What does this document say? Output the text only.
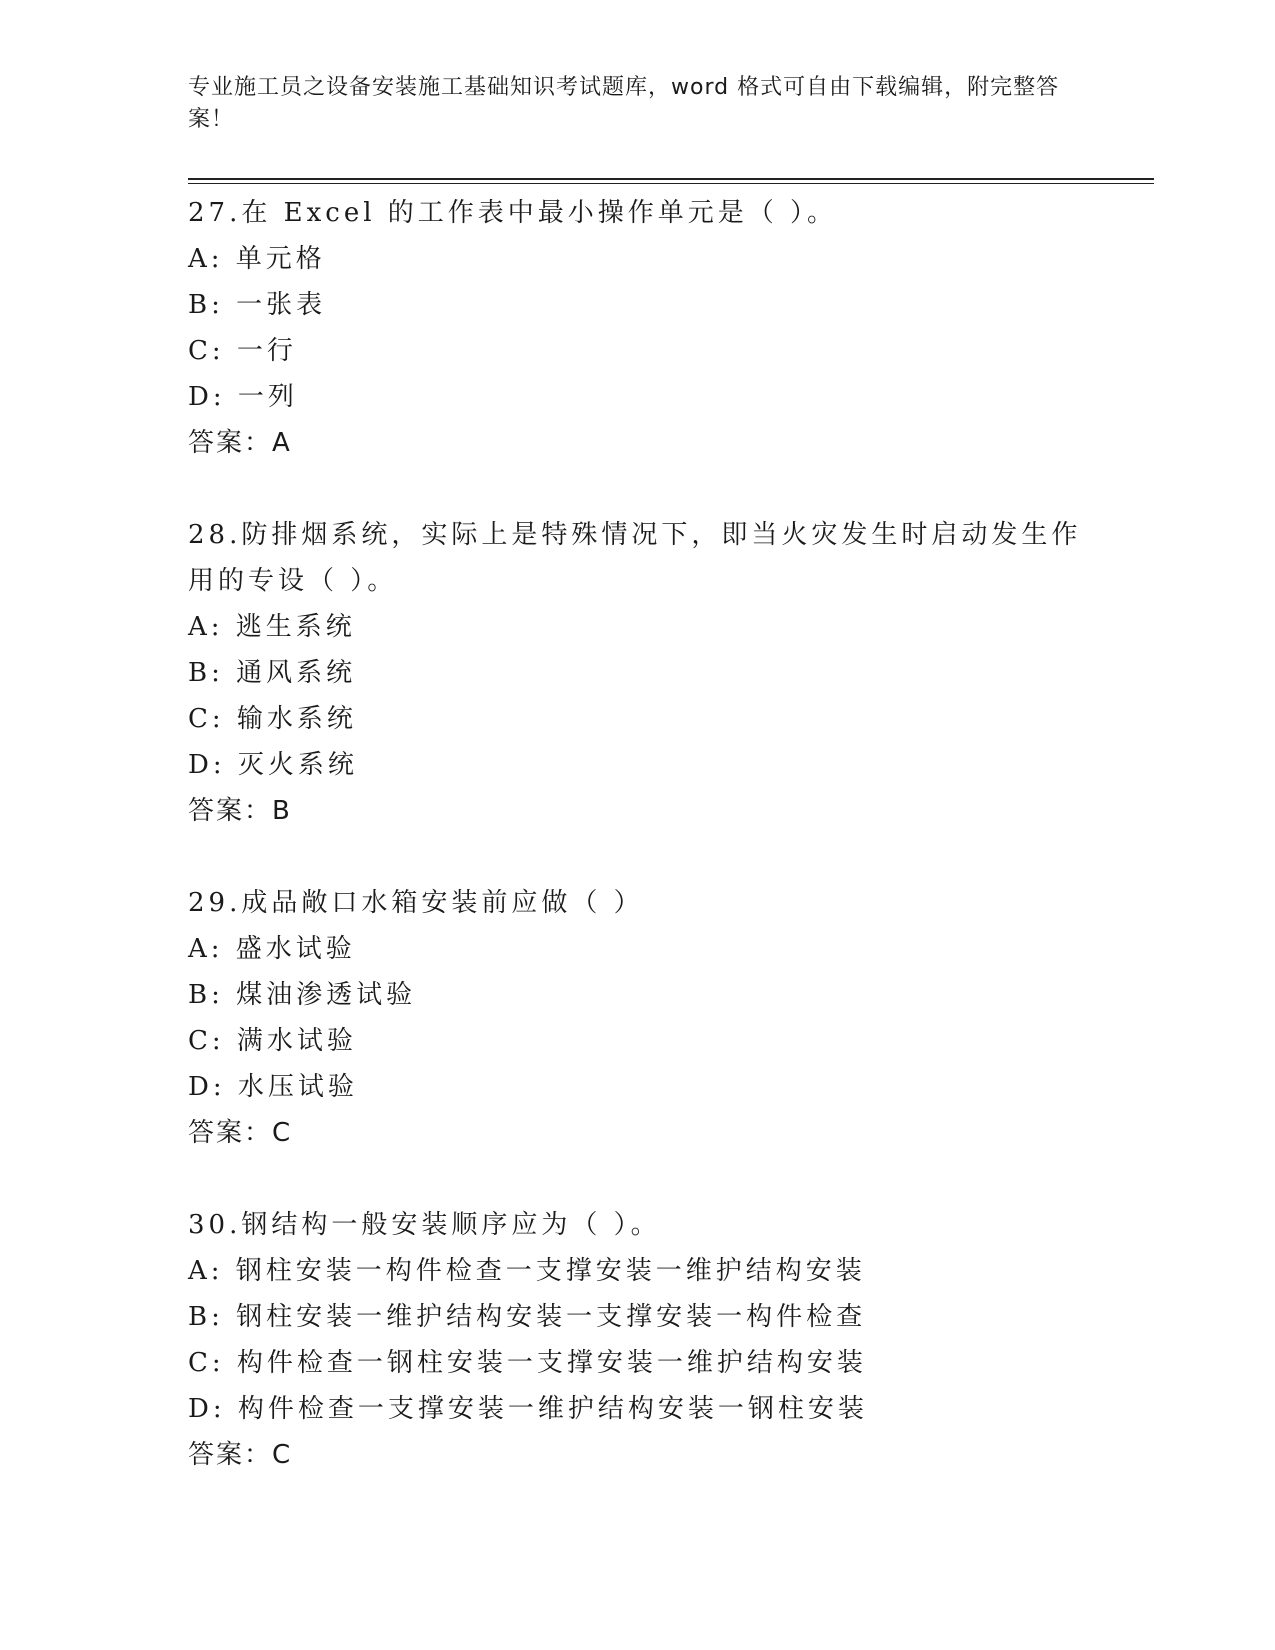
专业施工员之设备安装施工基础知识考试题库，word 格式可自由下载编辑，附完整答案！
27.在 Excel 的工作表中最小操作单元是（ ）。
A: 单元格
B: 一张表
C: 一行
D: 一列
答案：A
28.防排烟系统，实际上是特殊情况下，即当火灾发生时启动发生作用的专设（ ）。
A: 逃生系统
B: 通风系统
C: 输水系统
D: 灭火系统
答案：B
29.成品敞口水箱安装前应做（ ）
A: 盛水试验
B: 煤油渗透试验
C: 满水试验
D: 水压试验
答案：C
30.钢结构一般安装顺序应为（ ）。
A: 钢柱安装一构件检查一支撑安装一维护结构安装
B: 钢柱安装一维护结构安装一支撑安装一构件检查
C: 构件检查一钢柱安装一支撑安装一维护结构安装
D: 构件检查一支撑安装一维护结构安装一钢柱安装
答案：C
